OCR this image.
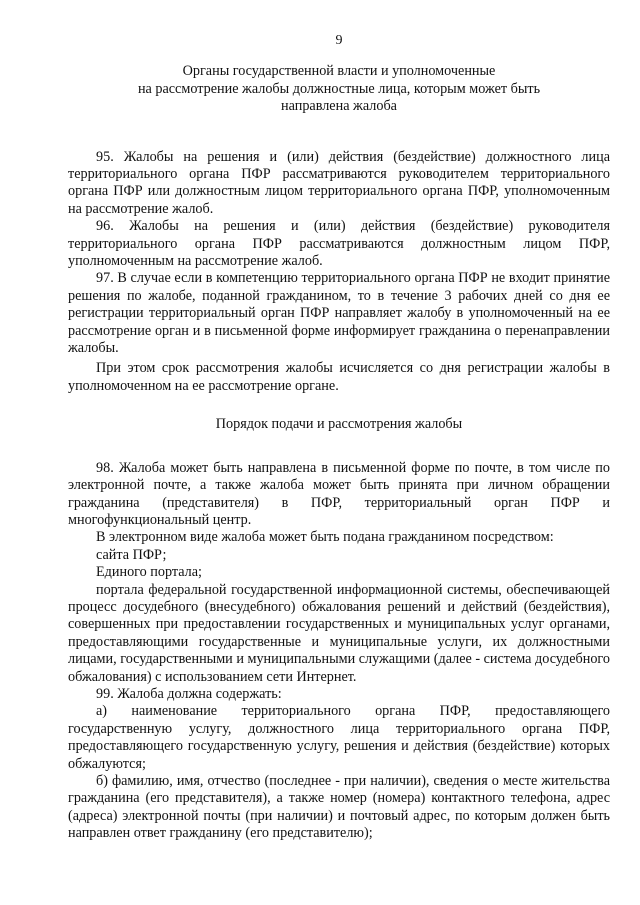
9
Органы государственной власти и уполномоченные
на рассмотрение жалобы должностные лица, которым может быть
направлена жалоба

95. Жалобы на решения и (или) действия (бездействие) должностного лица территориального органа ПФР рассматриваются руководителем территориального органа ПФР или должностным лицом территориального органа ПФР, уполномоченным на рассмотрение жалоб.

96. Жалобы на решения и (или) действия (бездействие) руководителя территориального органа ПФР рассматриваются должностным лицом ПФР, уполномоченным на рассмотрение жалоб.

97. В случае если в компетенцию территориального органа ПФР не входит принятие решения по жалобе, поданной гражданином, то в течение 3 рабочих дней со дня ее регистрации территориальный орган ПФР направляет жалобу в уполномоченный на ее рассмотрение орган и в письменной форме информирует гражданина о перенаправлении жалобы.

При этом срок рассмотрения жалобы исчисляется со дня регистрации жалобы в уполномоченном на ее рассмотрение органе.

Порядок подачи и рассмотрения жалобы

98. Жалоба может быть направлена в письменной форме по почте, в том числе по электронной почте, а также жалоба может быть принята при личном обращении гражданина (представителя) в ПФР, территориальный орган ПФР и многофункциональный центр.

В электронном виде жалоба может быть подана гражданином посредством:

сайта ПФР;

Единого портала;

портала федеральной государственной информационной системы, обеспечивающей процесс досудебного (внесудебного) обжалования решений и действий (бездействия), совершенных при предоставлении государственных и муниципальных услуг органами, предоставляющими государственные и муниципальные услуги, их должностными лицами, государственными и муниципальными служащими (далее - система досудебного обжалования) с использованием сети Интернет.

99. Жалоба должна содержать:

а) наименование территориального органа ПФР, предоставляющего государственную услугу, должностного лица территориального органа ПФР, предоставляющего государственную услугу, решения и действия (бездействие) которых обжалуются;

б) фамилию, имя, отчество (последнее - при наличии), сведения о месте жительства гражданина (его представителя), а также номер (номера) контактного телефона, адрес (адреса) электронной почты (при наличии) и почтовый адрес, по которым должен быть направлен ответ гражданину (его представителю);
